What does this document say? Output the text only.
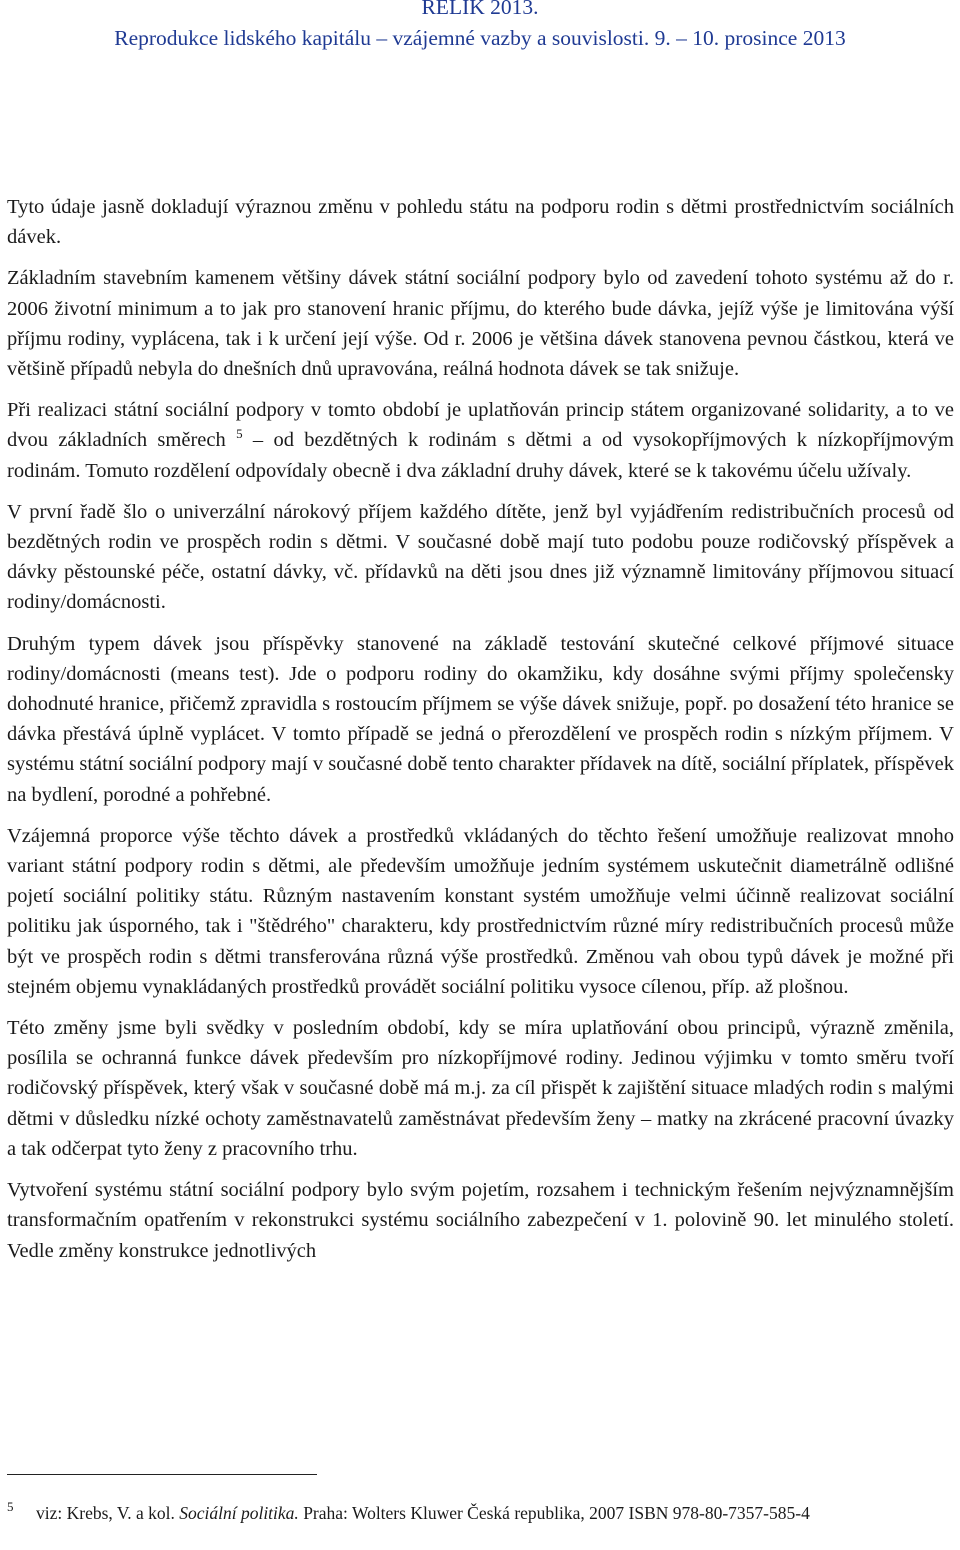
RELIK 2013.
Reprodukce lidského kapitálu – vzájemné vazby a souvislosti. 9. – 10. prosince 2013

Tyto údaje jasně dokladují výraznou změnu v pohledu státu na podporu rodin s dětmi prostřednictvím sociálních dávek.

Základním stavebním kamenem většiny dávek státní sociální podpory bylo od zavedení tohoto systému až do r. 2006 životní minimum a to jak pro stanovení hranic příjmu, do kterého bude dávka, jejíž výše je limitována výší příjmu rodiny, vyplácena, tak i k určení její výše. Od r. 2006 je většina dávek stanovena pevnou částkou, která ve většině případů nebyla do dnešních dnů upravována, reálná hodnota dávek se tak snižuje.

Při realizaci státní sociální podpory v tomto období je uplatňován princip státem organizované solidarity, a to ve dvou základních směrech $^5$ – od bezdětných k rodinám s dětmi a od vysokopříjmových k nízkopříjmovým rodinám. Tomuto rozdělení odpovídaly obecně i dva základní druhy dávek, které se k takovému účelu užívaly.

V první řadě šlo o univerzální nárokový příjem každého dítěte, jenž byl vyjádřením redistribučních procesů od bezdětných rodin ve prospěch rodin s dětmi. V současné době mají tuto podobu pouze rodičovský příspěvek a dávky pěstounské péče, ostatní dávky, vč. přídavků na děti jsou dnes již významně limitovány příjmovou situací rodiny/domácnosti.

Druhým typem dávek jsou příspěvky stanovené na základě testování skutečné celkové příjmové situace rodiny/domácnosti (means test). Jde o podporu rodiny do okamžiku, kdy dosáhne svými příjmy společensky dohodnuté hranice, přičemž zpravidla s rostoucím příjmem se výše dávek snižuje, popř. po dosažení této hranice se dávka přestává úplně vyplácet. V tomto případě se jedná o přerozdělení ve prospěch rodin s nízkým příjmem. V systému státní sociální podpory mají v současné době tento charakter přídavek na dítě, sociální příplatek, příspěvek na bydlení, porodné a pohřebné.

Vzájemná proporce výše těchto dávek a prostředků vkládaných do těchto řešení umožňuje realizovat mnoho variant státní podpory rodin s dětmi, ale především umožňuje jedním systémem uskutečnit diametrálně odlišné pojetí sociální politiky státu. Různým nastavením konstant systém umožňuje velmi účinně realizovat sociální politiku jak úsporného, tak i "štědrého" charakteru, kdy prostřednictvím různé míry redistribučních procesů může být ve prospěch rodin s dětmi transferována různá výše prostředků. Změnou vah obou typů dávek je možné při stejném objemu vynakládaných prostředků provádět sociální politiku vysoce cílenou, příp. až plošnou.

Této změny jsme byli svědky v posledním období, kdy se míra uplatňování obou principů, výrazně změnila, posílila se ochranná funkce dávek především pro nízkopříjmové rodiny. Jedinou výjimku v tomto směru tvoří rodičovský příspěvek, který však v současné době má m.j. za cíl přispět k zajištění situace mladých rodin s malými dětmi v důsledku nízké ochoty zaměstnavatelů zaměstnávat především ženy – matky na zkrácené pracovní úvazky a tak odčerpat tyto ženy z pracovního trhu.

Vytvoření systému státní sociální podpory bylo svým pojetím, rozsahem i technickým řešením nejvýznamnějším transformačním opatřením v rekonstrukci systému sociálního zabezpečení v 1. polovině 90. let minulého století. Vedle změny konstrukce jednotlivých

5 viz: Krebs, V. a kol. Sociální politika. Praha: Wolters Kluwer Česká republika, 2007 ISBN 978-80-7357-585-4
